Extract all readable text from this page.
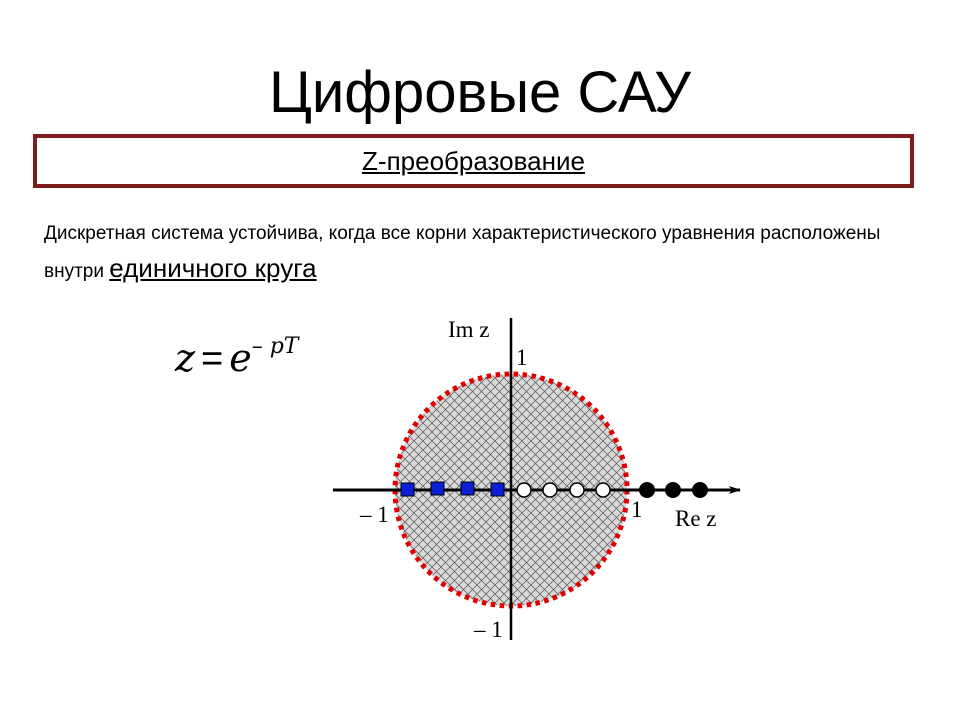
Цифровые САУ
Z-преобразование
Дискретная система устойчива, когда все корни характеристического уравнения расположены внутри единичного круга
$z = e^{- pT}$
Im z
Re z
1
1
– 1
– 1
